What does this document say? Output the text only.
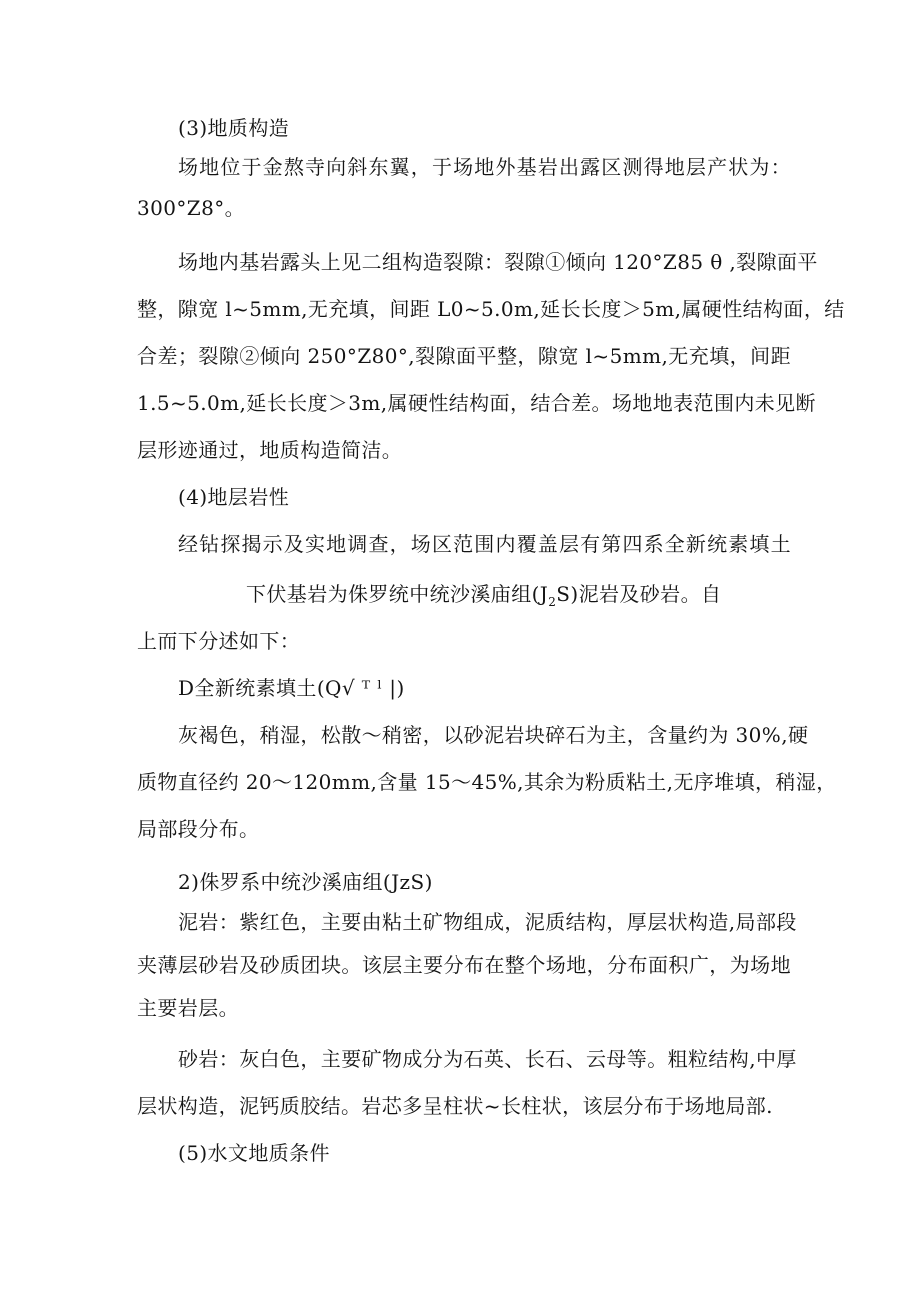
(3)地质构造
场地位于金熬寺向斜东翼，于场地外基岩出露区测得地层产状为：
300°Z8°。
场地内基岩露头上见二组构造裂隙：裂隙①倾向 120°Z85 θ ,裂隙面平
整，隙宽 l~5mm,无充填，间距 L0~5.0m,延长长度＞5m,属硬性结构面，结
合差；裂隙②倾向 250°Z80°,裂隙面平整，隙宽 l~5mm,无充填，间距
1.5~5.0m,延长长度＞3m,属硬性结构面，结合差。场地地表范围内未见断
层形迹通过，地质构造简洁。
(4)地层岩性
经钻探揭示及实地调查，场区范围内覆盖层有第四系全新统素填土
下伏基岩为侏罗统中统沙溪庙组$(J_2S)$泥岩及砂岩。自
上而下分述如下：
D全新统素填土(Q√ ᵀ ˡ |)
灰褐色，稍湿，松散～稍密，以砂泥岩块碎石为主，含量约为 30%,硬
质物直径约 20～120mm,含量 15～45%,其余为粉质粘土,无序堆填，稍湿，
局部段分布。
2)侏罗系中统沙溪庙组(JzS)
泥岩：紫红色，主要由粘土矿物组成，泥质结构，厚层状构造,局部段
夹薄层砂岩及砂质团块。该层主要分布在整个场地，分布面积广，为场地
主要岩层。
砂岩：灰白色，主要矿物成分为石英、长石、云母等。粗粒结构,中厚
层状构造，泥钙质胶结。岩芯多呈柱状~长柱状，该层分布于场地局部.
(5)水文地质条件
